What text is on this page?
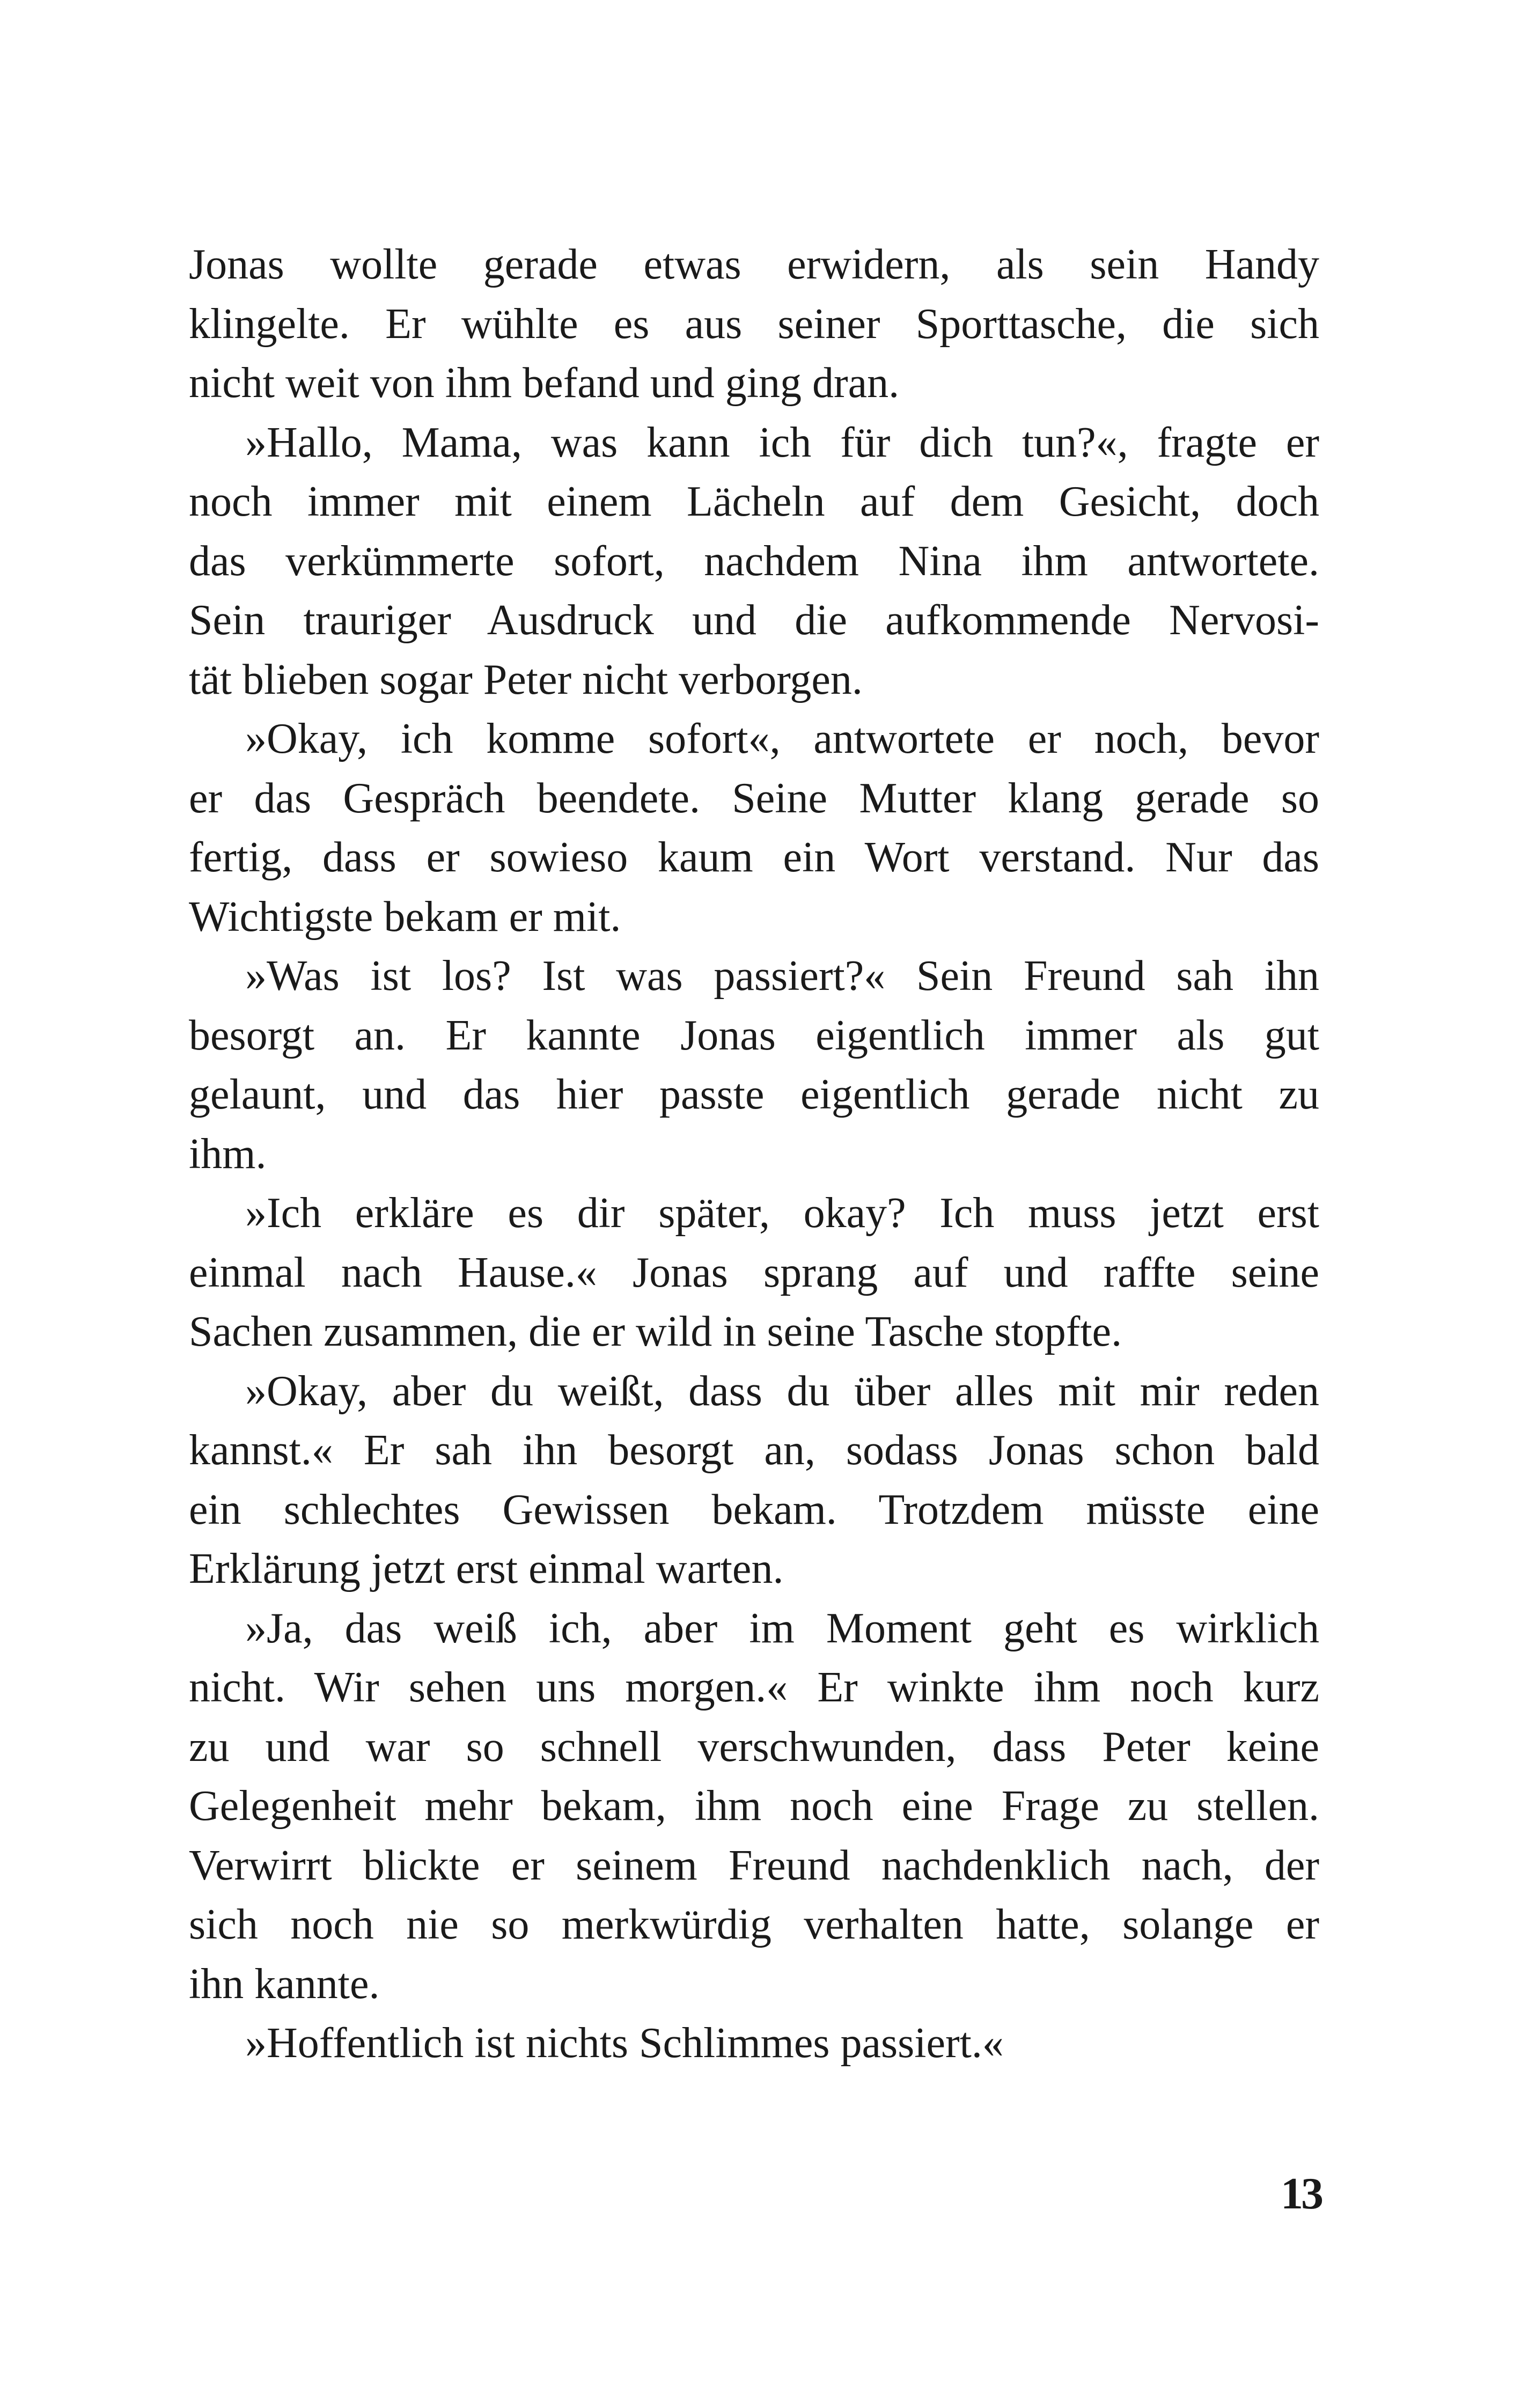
Jonas wollte gerade etwas erwidern, als sein Handy
klingelte. Er wühlte es aus seiner Sporttasche, die sich
nicht weit von ihm befand und ging dran.
»Hallo, Mama, was kann ich für dich tun?«, fragte er
noch immer mit einem Lächeln auf dem Gesicht, doch
das verkümmerte sofort, nachdem Nina ihm antwortete.
Sein trauriger Ausdruck und die aufkommende Nervosi-
tät blieben sogar Peter nicht verborgen.
»Okay, ich komme sofort«, antwortete er noch, bevor
er das Gespräch beendete. Seine Mutter klang gerade so
fertig, dass er sowieso kaum ein Wort verstand. Nur das
Wichtigste bekam er mit.
»Was ist los? Ist was passiert?« Sein Freund sah ihn
besorgt an. Er kannte Jonas eigentlich immer als gut
gelaunt, und das hier passte eigentlich gerade nicht zu
ihm.
»Ich erkläre es dir später, okay? Ich muss jetzt erst
einmal nach Hause.« Jonas sprang auf und raffte seine
Sachen zusammen, die er wild in seine Tasche stopfte.
»Okay, aber du weißt, dass du über alles mit mir reden
kannst.« Er sah ihn besorgt an, sodass Jonas schon bald
ein schlechtes Gewissen bekam. Trotzdem müsste eine
Erklärung jetzt erst einmal warten.
»Ja, das weiß ich, aber im Moment geht es wirklich
nicht. Wir sehen uns morgen.« Er winkte ihm noch kurz
zu und war so schnell verschwunden, dass Peter keine
Gelegenheit mehr bekam, ihm noch eine Frage zu stellen.
Verwirrt blickte er seinem Freund nachdenklich nach, der
sich noch nie so merkwürdig verhalten hatte, solange er
ihn kannte.
»Hoffentlich ist nichts Schlimmes passiert.«
13
